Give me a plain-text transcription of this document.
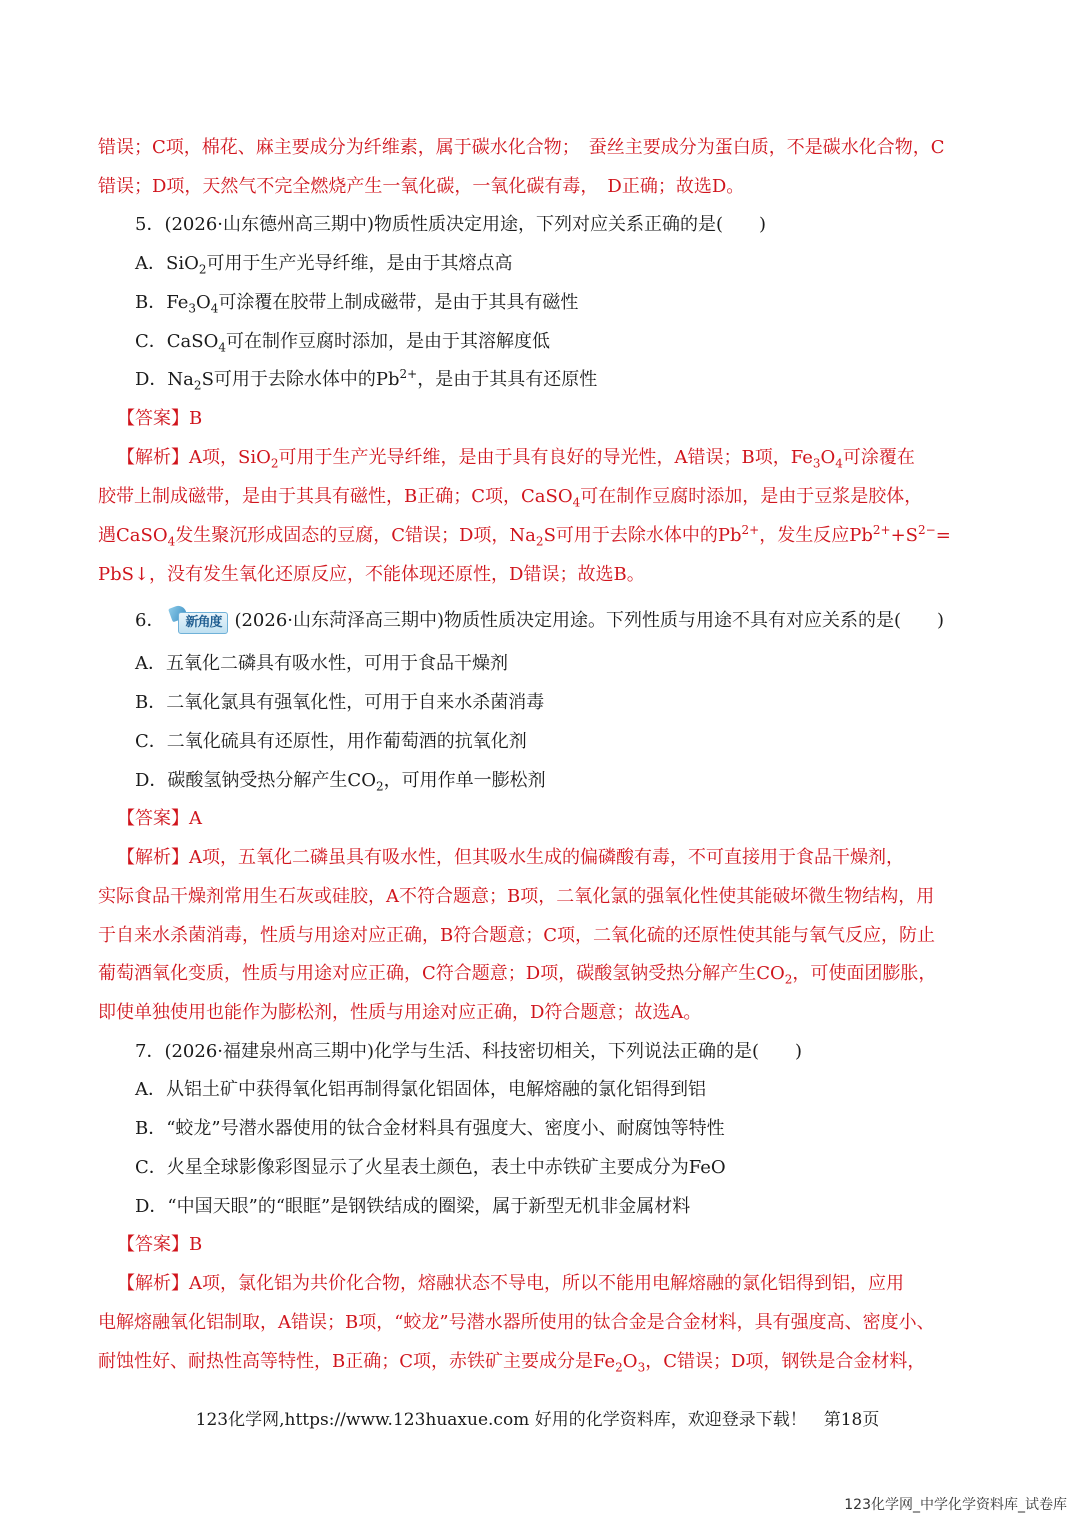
错误；C项，棉花、麻主要成分为纤维素，属于碳水化合物；　蚕丝主要成分为蛋白质，不是碳水化合物，C
错误；D项，天然气不完全燃烧产生一氧化碳，一氧化碳有毒，　D正确；故选D。
5．(2026·山东德州高三期中)物质性质决定用途，下列对应关系正确的是(　　)
A．SiO$_2$可用于生产光导纤维，是由于其熔点高
B．$Fe_3O_4$可涂覆在胶带上制成磁带，是由于其具有磁性
C．CaSO$_4$可在制作豆腐时添加，是由于其溶解度低
D．$Na_2S$可用于去除水体中的$Pb^{2+}$，是由于其具有还原性
【答案】B
【解析】A项，SiO$_2$可用于生产光导纤维，是由于具有良好的导光性，A错误；B项，$Fe_3O_4$可涂覆在
胶带上制成磁带，是由于其具有磁性，B正确；C项，CaSO$_4$可在制作豆腐时添加，是由于豆浆是胶体，
遇CaSO$_4$发生聚沉形成固态的豆腐，C错误；D项，$Na_2S$可用于去除水体中的$Pb^{2+}$，发生反应$Pb^{2+}+S^{2-}=$
PbS↓，没有发生氧化还原反应，不能体现还原性，D错误；故选B。
6．	新角度 (2026·山东菏泽高三期中)物质性质决定用途。下列性质与用途不具有对应关系的是(　　)
A．五氧化二磷具有吸水性，可用于食品干燥剂
B．二氧化氯具有强氧化性，可用于自来水杀菌消毒
C．二氧化硫具有还原性，用作葡萄酒的抗氧化剂
D．碳酸氢钠受热分解产生$CO_2$，可用作单一膨松剂
【答案】A
【解析】A项，五氧化二磷虽具有吸水性，但其吸水生成的偏磷酸有毒，不可直接用于食品干燥剂，
实际食品干燥剂常用生石灰或硅胶，A不符合题意；B项，二氧化氯的强氧化性使其能破坏微生物结构，用
于自来水杀菌消毒，性质与用途对应正确，B符合题意；C项，二氧化硫的还原性使其能与氧气反应，防止
葡萄酒氧化变质，性质与用途对应正确，C符合题意；D项，碳酸氢钠受热分解产生$CO_2$，可使面团膨胀，
即使单独使用也能作为膨松剂，性质与用途对应正确，D符合题意；故选A。
7．(2026·福建泉州高三期中)化学与生活、科技密切相关，下列说法正确的是(　　)
A．从铝土矿中获得氧化铝再制得氯化铝固体，电解熔融的氯化铝得到铝
B．“蛟龙”号潜水器使用的钛合金材料具有强度大、密度小、耐腐蚀等特性
C．火星全球影像彩图显示了火星表土颜色，表土中赤铁矿主要成分为FeO
D．“中国天眼”的“眼眶”是钢铁结成的圈梁，属于新型无机非金属材料
【答案】B
【解析】A项，氯化铝为共价化合物，熔融状态不导电，所以不能用电解熔融的氯化铝得到铝，应用
电解熔融氧化铝制取，A错误；B项，“蛟龙”号潜水器所使用的钛合金是合金材料，具有强度高、密度小、
耐蚀性好、耐热性高等特性，B正确；C项，赤铁矿主要成分是$Fe_2O_3$，C错误；D项，钢铁是合金材料，
123化学网,https://www.123huaxue.com 好用的化学资料库，欢迎登录下载！　第18页
123化学网_中学化学资料库_试卷库
